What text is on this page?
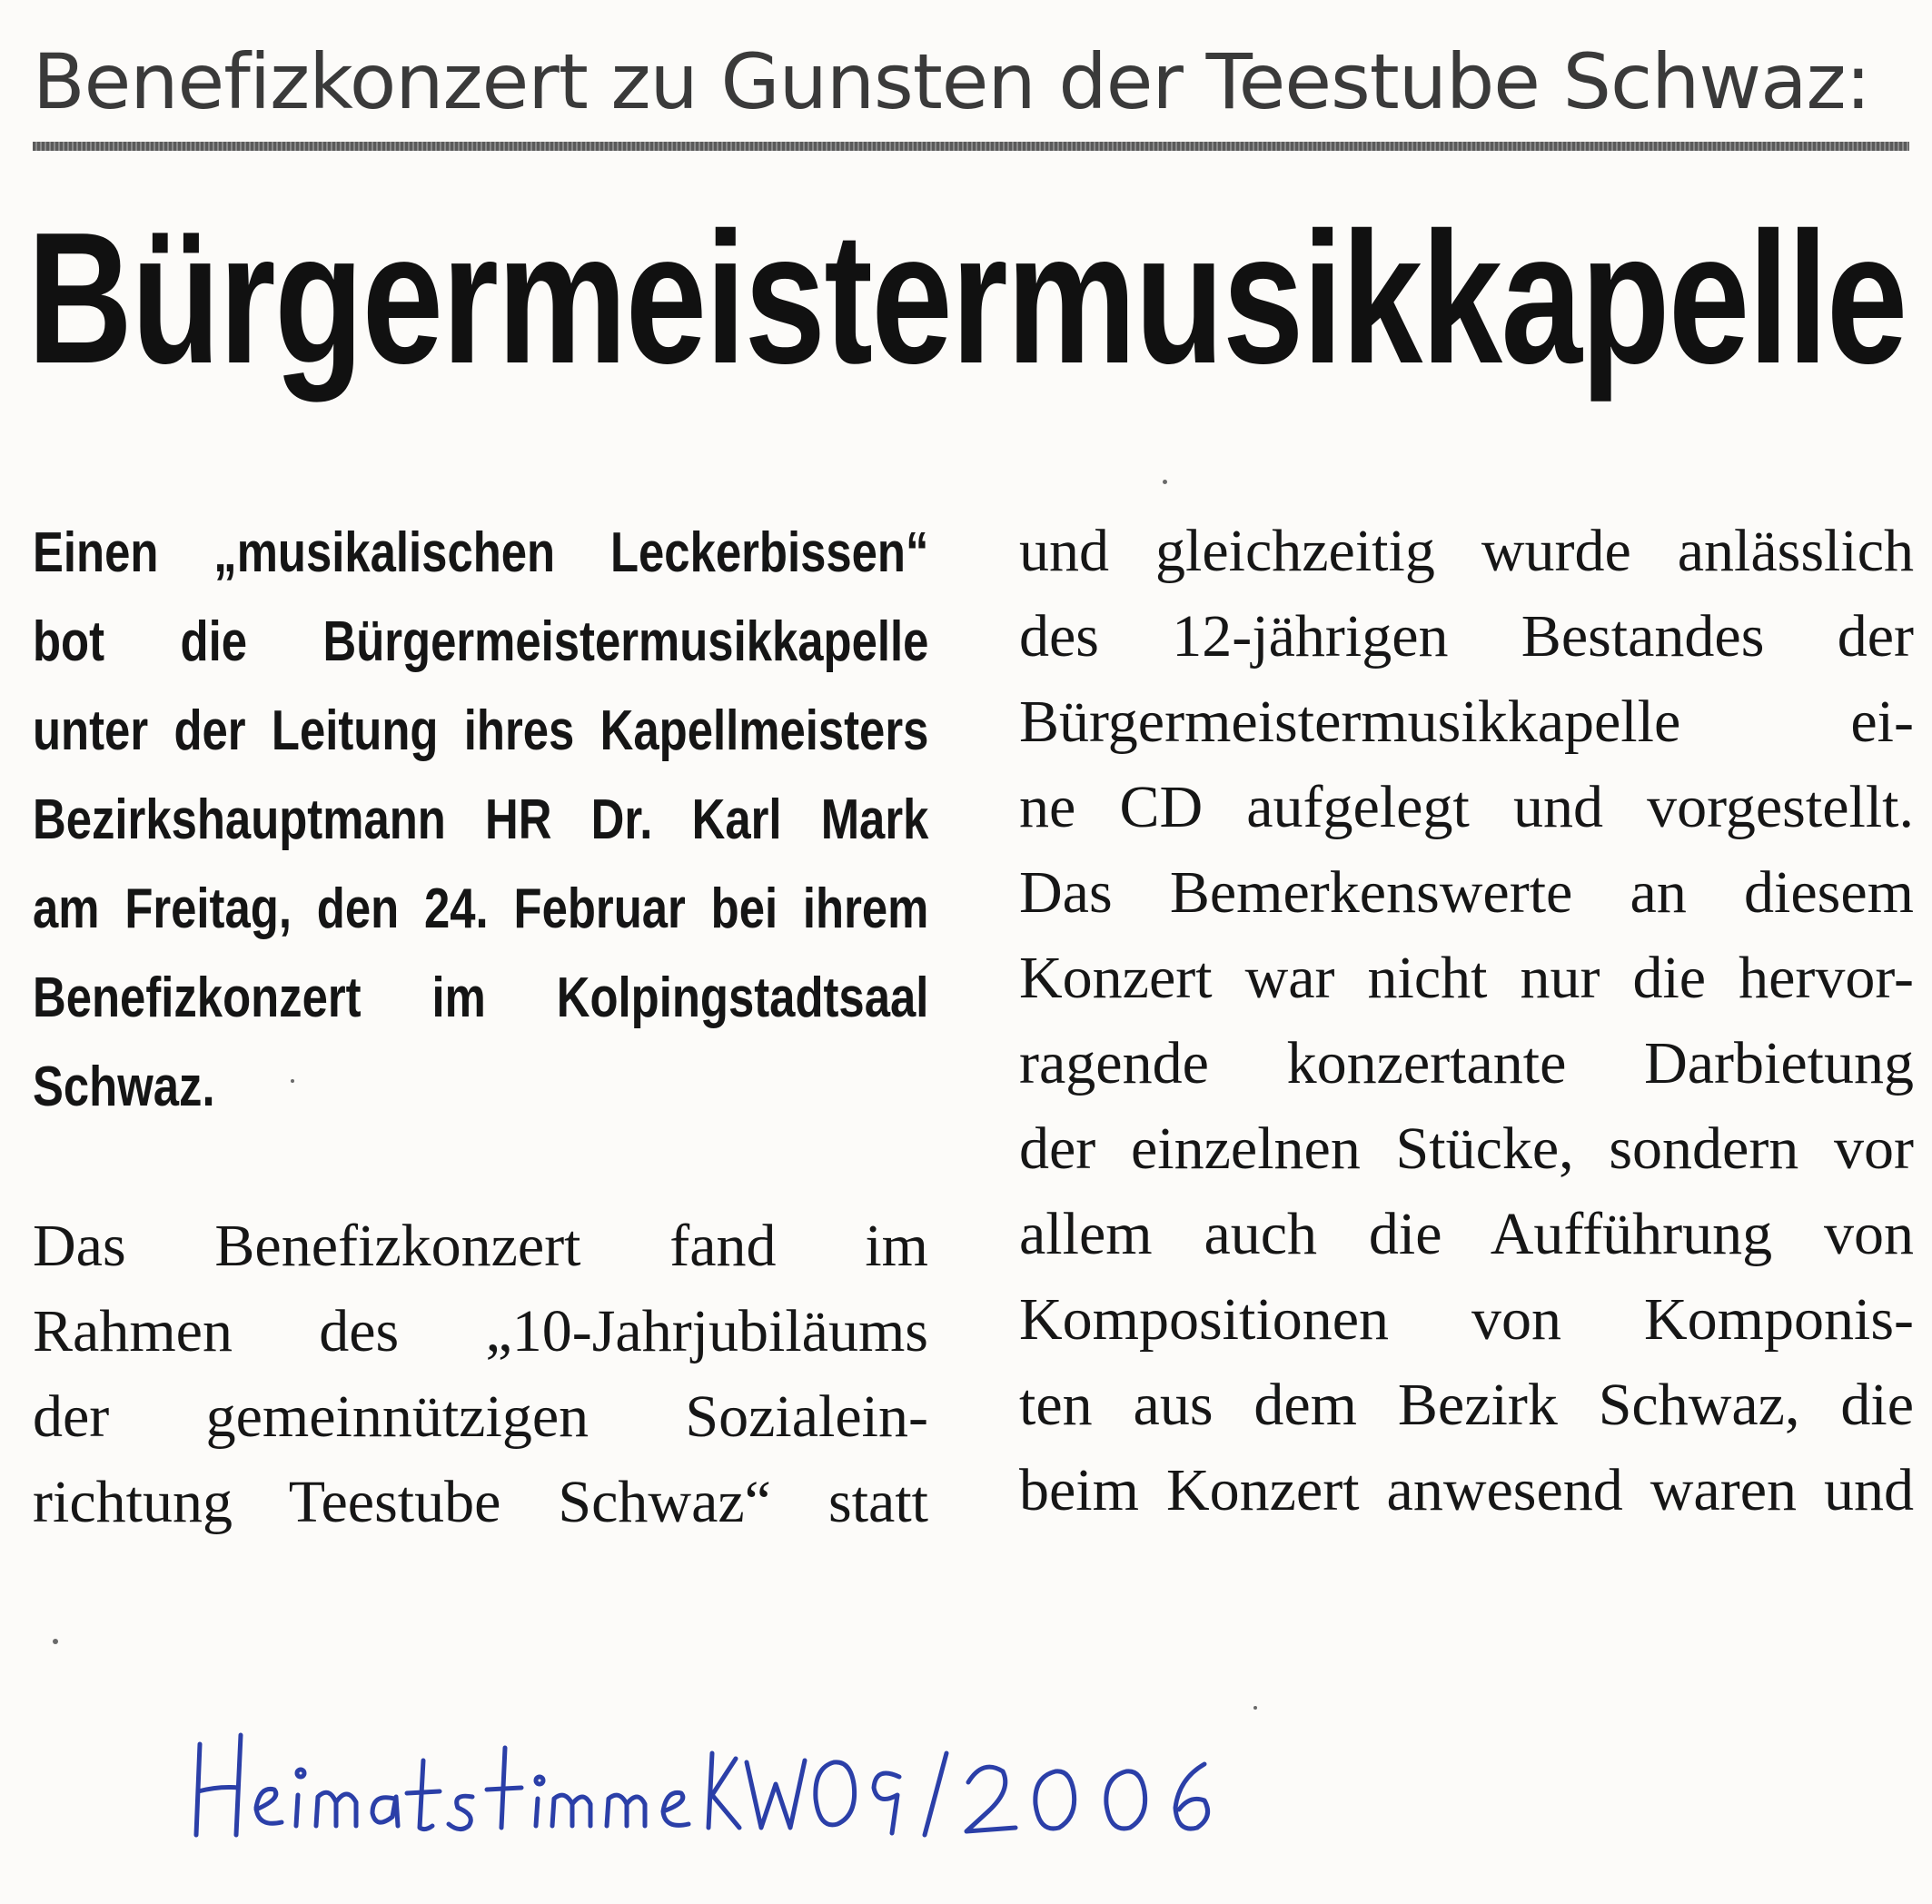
Benefizkonzert zu Gunsten der Teestube Schwaz:
Bürgermeistermusikkapelle
Einen „musikalischen Leckerbissen“
bot die Bürgermeistermusikkapelle
unter der Leitung ihres Kapellmeisters
Bezirkshauptmann HR Dr. Karl Mark
am Freitag, den 24. Februar bei ihrem
Benefizkonzert im Kolpingstadtsaal
Schwaz.
Das Benefizkonzert fand im
Rahmen des „10-Jahrjubiläums
der gemeinnützigen Sozialein-
richtung Teestube Schwaz“ statt
und gleichzeitig wurde anlässlich
des 12-jährigen Bestandes der
Bürgermeistermusikkapelle ei-
ne CD aufgelegt und vorgestellt.
Das Bemerkenswerte an diesem
Konzert war nicht nur die hervor-
ragende konzertante Darbietung
der einzelnen Stücke, sondern vor
allem auch die Aufführung von
Kompositionen von Komponis-
ten aus dem Bezirk Schwaz, die
beim Konzert anwesend waren und
